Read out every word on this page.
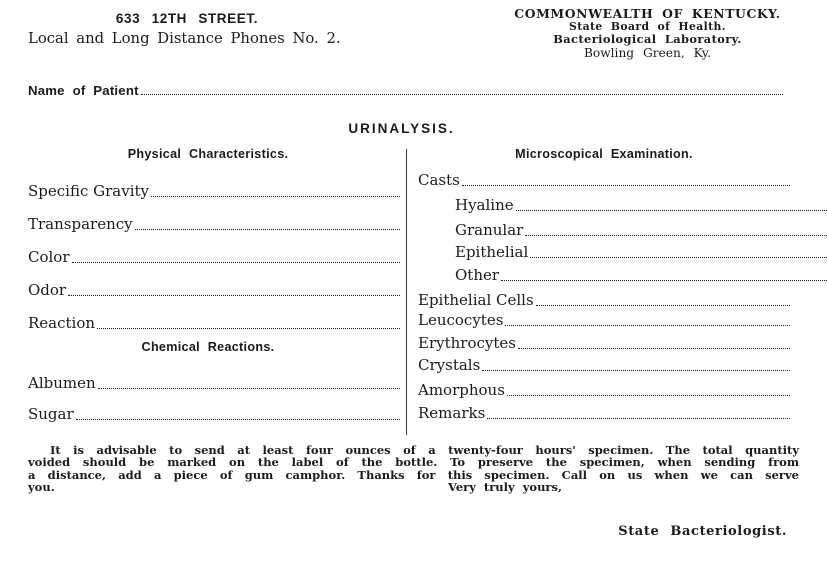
633 12TH STREET.
Local and Long Distance Phones No. 2.
COMMONWEALTH OF KENTUCKY.
State Board of Health.
Bacteriological Laboratory.
Bowling Green, Ky.
Name of Patient
URINALYSIS.
Physical Characteristics.
Specific Gravity
Transparency
Color
Odor
Reaction
Chemical Reactions.
Albumen
Sugar
Microscopical Examination.
Casts
Hyaline
Granular
Epithelial
Other
Epithelial Cells
Leucocytes
Erythrocytes
Crystals
Amorphous
Remarks
It is advisable to send at least four ounces of a twenty-four hours' specimen. The total quantity
voided should be marked on the label of the bottle. To preserve the specimen, when sending from
a distance, add a piece of gum camphor. Thanks for this specimen. Call on us when we can serve
you.	Very truly yours,
State Bacteriologist.
